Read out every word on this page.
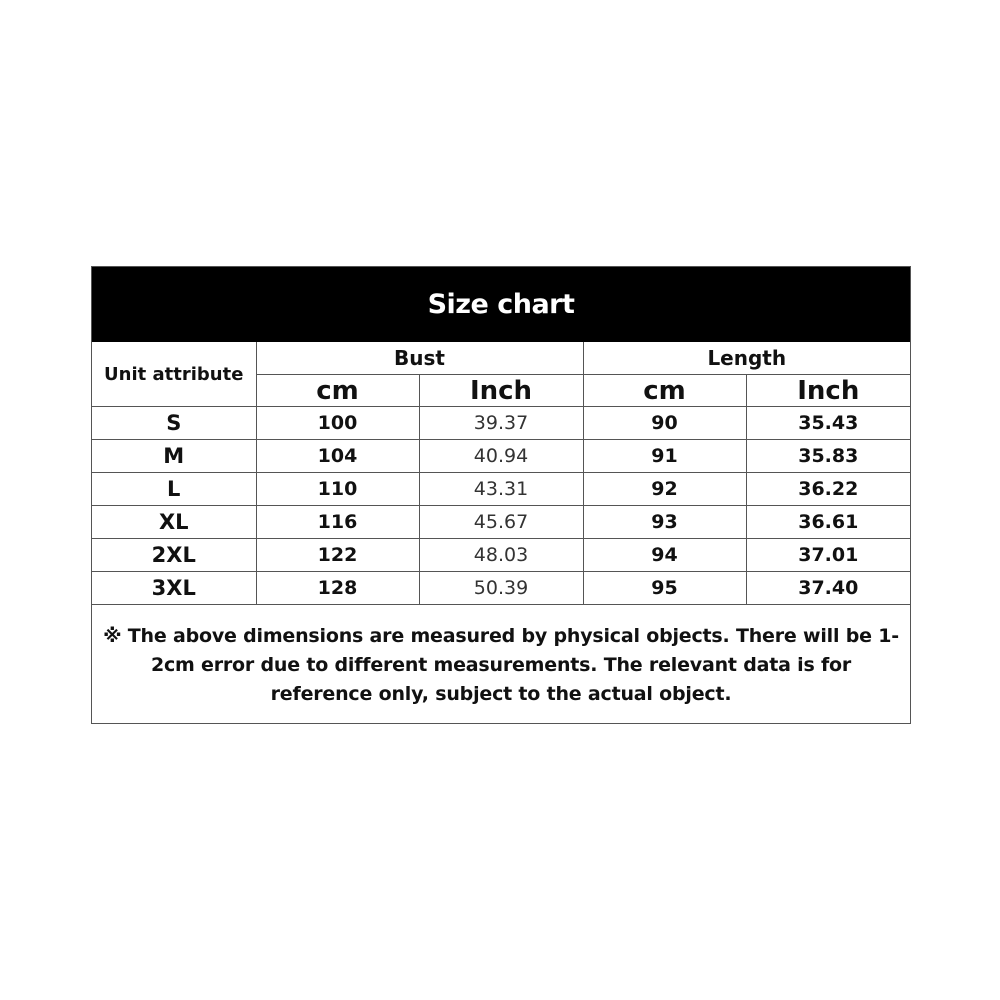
Size chart
Unit attribute	Bust		Length	
	cm	Inch	cm	Inch
S	100	39.37	90	35.43
M	104	40.94	91	35.83
L	110	43.31	92	36.22
XL	116	45.67	93	36.61
2XL	122	48.03	94	37.01
3XL	128	50.39	95	37.40

※ The above dimensions are measured by physical objects. There will be 1-2cm error due to different measurements. The relevant data is for reference only, subject to the actual object.
